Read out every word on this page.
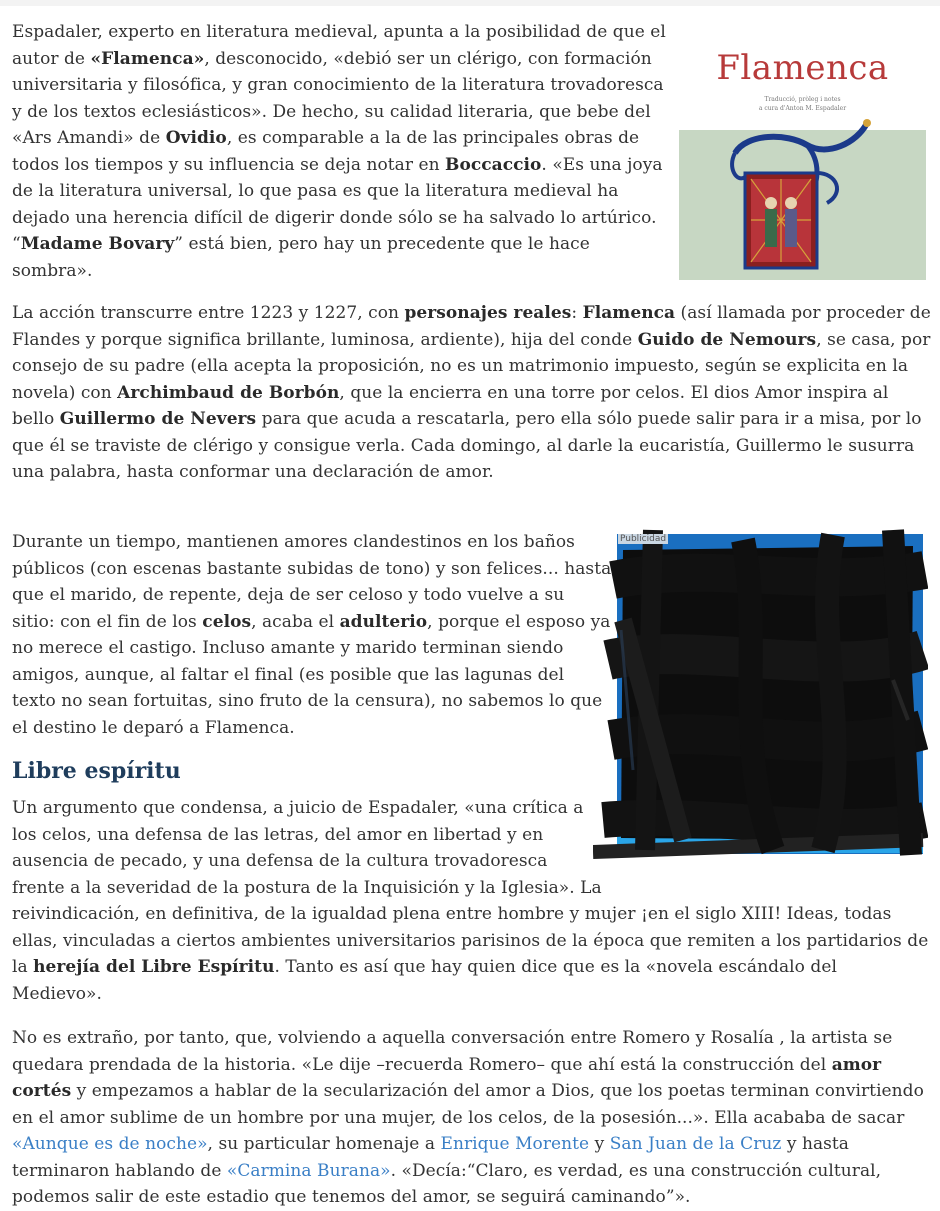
Espadaler, experto en literatura medieval, apunta a la posibilidad de que el autor de «Flamenca», desconocido, «debió ser un clérigo, con formación universitaria y filosófica, y gran conocimiento de la literatura trovadoresca y de los textos eclesiásticos». De hecho, su calidad literaria, que bebe del «Ars Amandi» de Ovidio, es comparable a la de las principales obras de todos los tiempos y su influencia se deja notar en Boccaccio. «Es una joya de la literatura universal, lo que pasa es que la literatura medieval ha dejado una herencia difícil de digerir donde sólo se ha salvado lo artúrico. “Madame Bovary” está bien, pero hay un precedente que le hace sombra».

Flamenca
Traducció, pròleg i notes
a cura d'Anton M. Espadaler

La acción transcurre entre 1223 y 1227, con personajes reales: Flamenca (así llamada por proceder de Flandes y porque significa brillante, luminosa, ardiente), hija del conde Guido de Nemours, se casa, por consejo de su padre (ella acepta la proposición, no es un matrimonio impuesto, según se explicita en la novela) con Archimbaud de Borbón, que la encierra en una torre por celos. El dios Amor inspira al bello Guillermo de Nevers para que acuda a rescatarla, pero ella sólo puede salir para ir a misa, por lo que él se traviste de clérigo y consigue verla. Cada domingo, al darle la eucaristía, Guillermo le susurra una palabra, hasta conformar una declaración de amor.

Durante un tiempo, mantienen amores clandestinos en los baños públicos (con escenas bastante subidas de tono) y son felices... hasta que el marido, de repente, deja de ser celoso y todo vuelve a su sitio: con el fin de los celos, acaba el adulterio, porque el esposo ya no merece el castigo. Incluso amante y marido terminan siendo amigos, aunque, al faltar el final (es posible que las lagunas del texto no sean fortuitas, sino fruto de la censura), no sabemos lo que el destino le deparó a Flamenca.

Publicidad
Libre espíritu

Un argumento que condensa, a juicio de Espadaler, «una crítica a los celos, una defensa de las letras, del amor en libertad y en ausencia de pecado, y una defensa de la cultura trovadoresca frente a la severidad de la postura de la Inquisición y la Iglesia». La reivindicación, en definitiva, de la igualdad plena entre hombre y mujer ¡en el siglo XIII! Ideas, todas ellas, vinculadas a ciertos ambientes universitarios parisinos de la época que remiten a los partidarios de la herejía del Libre Espíritu. Tanto es así que hay quien dice que es la «novela escándalo del Medievo».

No es extraño, por tanto, que, volviendo a aquella conversación entre Romero y Rosalía , la artista se quedara prendada de la historia. «Le dije –recuerda Romero– que ahí está la construcción del amor cortés y empezamos a hablar de la secularización del amor a Dios, que los poetas terminan convirtiendo en el amor sublime de un hombre por una mujer, de los celos, de la posesión...». Ella acababa de sacar «Aunque es de noche», su particular homenaje a Enrique Morente y San Juan de la Cruz y hasta terminaron hablando de «Carmina Burana». «Decía:“Claro, es verdad, es una construcción cultural, podemos salir de este estadio que tenemos del amor, se seguirá caminando”».
